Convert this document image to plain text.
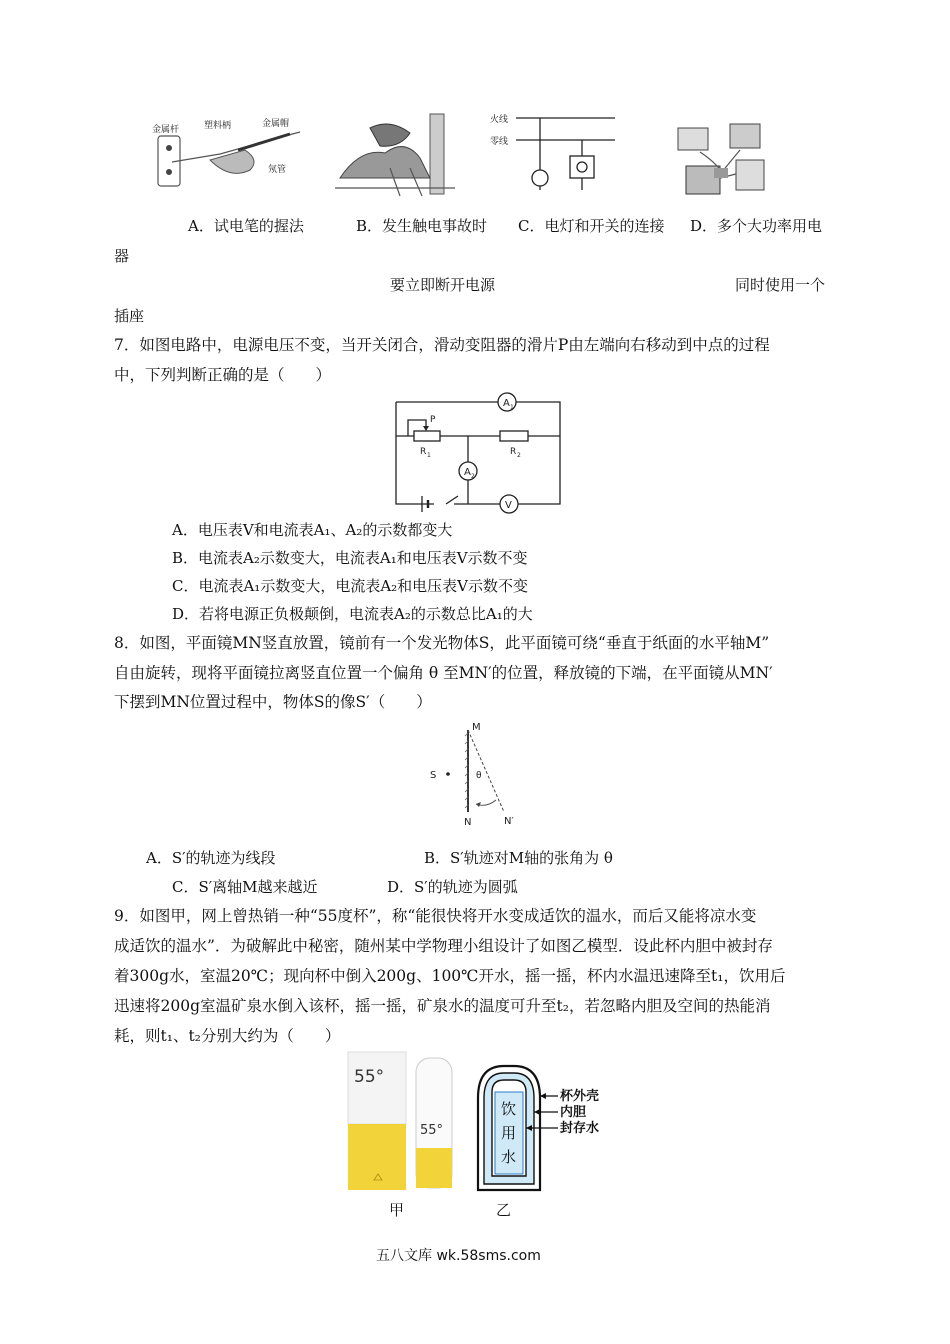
金属杆	塑料柄	金属帽
氖管
火线
零线
A．试电笔的握法	B．发生触电事故时 C．电灯和开关的连接 D．多个大功率用电
器
要立即断开电源	同时使用一个
插座
7．如图电路中，电源电压不变，当开关闭合，滑动变阻器的滑片P由左端向右移动到中点的过程
中，下列判断正确的是（　　）
A 1
P
R 1	R 2
A 2
V
A．电压表V和电流表A₁、A₂的示数都变大
B．电流表A₂示数变大，电流表A₁和电压表V示数不变
C．电流表A₁示数变大，电流表A₂和电压表V示数不变
D．若将电源正负极颠倒，电流表A₂的示数总比A₁的大
8．如图，平面镜MN竖直放置，镜前有一个发光物体S，此平面镜可绕“垂直于纸面的水平轴M”
自由旋转，现将平面镜拉离竖直位置一个偏角 θ 至MN′的位置，释放镜的下端，在平面镜从MN′
下摆到MN位置过程中，物体S的像S′（　　）
M
θ
S
N	N′
A．S′的轨迹为线段	B．S′轨迹对M轴的张角为 θ
C．S′离轴M越来越近	D．S′的轨迹为圆弧
9．如图甲，网上曾热销一种“55度杯”，称“能很快将开水变成适饮的温水，而后又能将凉水变
成适饮的温水”．为破解此中秘密，随州某中学物理小组设计了如图乙模型．设此杯内胆中被封存
着300g水，室温20℃；现向杯中倒入200g、100℃开水，摇一摇，杯内水温迅速降至t₁，饮用后
迅速将200g室温矿泉水倒入该杯，摇一摇，矿泉水的温度可升至t₂，若忽略内胆及空间的热能消
耗，则t₁、t₂分别大约为（　　）
55°
55°
饮
用
水
杯外壳
内胆
封存水
甲	乙
五八文库 wk.58sms.com
